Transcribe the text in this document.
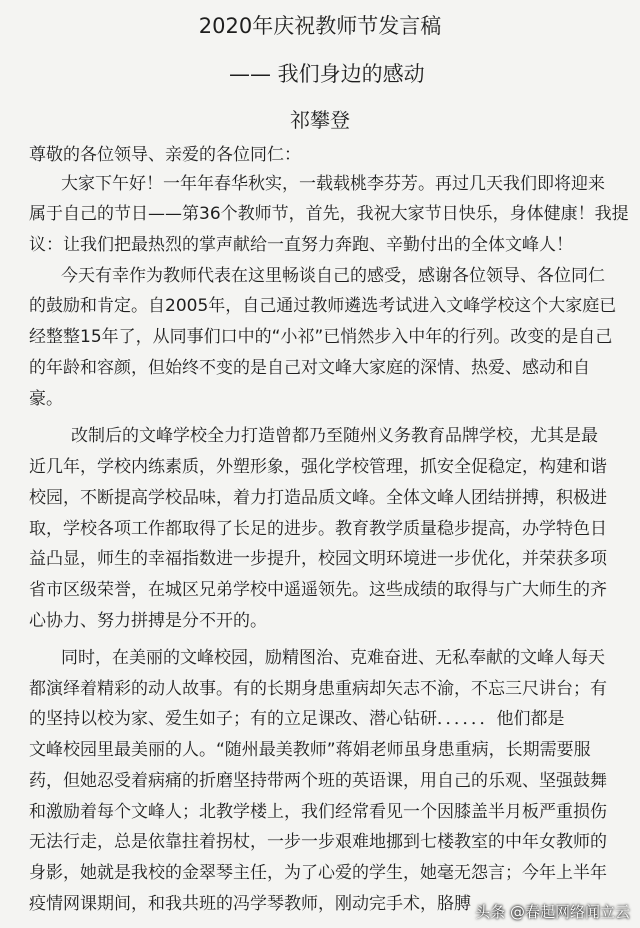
2020年庆祝教师节发言稿
—— 我们身边的感动
祁攀登
尊敬的各位领导、亲爱的各位同仁：
大家下午好！一年年春华秋实，一载载桃李芬芳。再过几天我们即将迎来
属于自己的节日——第36个教师节，首先，我祝大家节日快乐，身体健康！我提
议：让我们把最热烈的掌声献给一直努力奔跑、辛勤付出的全体文峰人！
今天有幸作为教师代表在这里畅谈自己的感受，感谢各位领导、各位同仁
的鼓励和肯定。自2005年，自己通过教师遴选考试进入文峰学校这个大家庭已
经整整15年了，从同事们口中的“小祁”已悄然步入中年的行列。改变的是自己
的年龄和容颜，但始终不变的是自己对文峰大家庭的深情、热爱、感动和自
豪。
改制后的文峰学校全力打造曾都乃至随州义务教育品牌学校，尤其是最
近几年，学校内练素质，外塑形象，强化学校管理，抓安全促稳定，构建和谐
校园，不断提高学校品味，着力打造品质文峰。全体文峰人团结拼搏，积极进
取，学校各项工作都取得了长足的进步。教育教学质量稳步提高，办学特色日
益凸显，师生的幸福指数进一步提升，校园文明环境进一步优化，并荣获多项
省市区级荣誉，在城区兄弟学校中遥遥领先。这些成绩的取得与广大师生的齐
心协力、努力拼搏是分不开的。
同时，在美丽的文峰校园，励精图治、克难奋进、无私奉献的文峰人每天
都演绎着精彩的动人故事。有的长期身患重病却矢志不渝，不忘三尺讲台；有
的坚持以校为家、爱生如子；有的立足课改、潜心钻研．．．．．．他们都是
文峰校园里最美丽的人。“随州最美教师”蒋娟老师虽身患重病，长期需要服
药，但她忍受着病痛的折磨坚持带两个班的英语课，用自己的乐观、坚强鼓舞
和激励着每个文峰人；北教学楼上，我们经常看见一个因膝盖半月板严重损伤
无法行走，总是依靠拄着拐杖，一步一步艰难地挪到七楼教室的中年女教师的
身影，她就是我校的金翠琴主任，为了心爱的学生，她毫无怨言；今年上半年
疫情网课期间，和我共班的冯学琴教师，刚动完手术，胳膊 头条 @春起网络闻立云
